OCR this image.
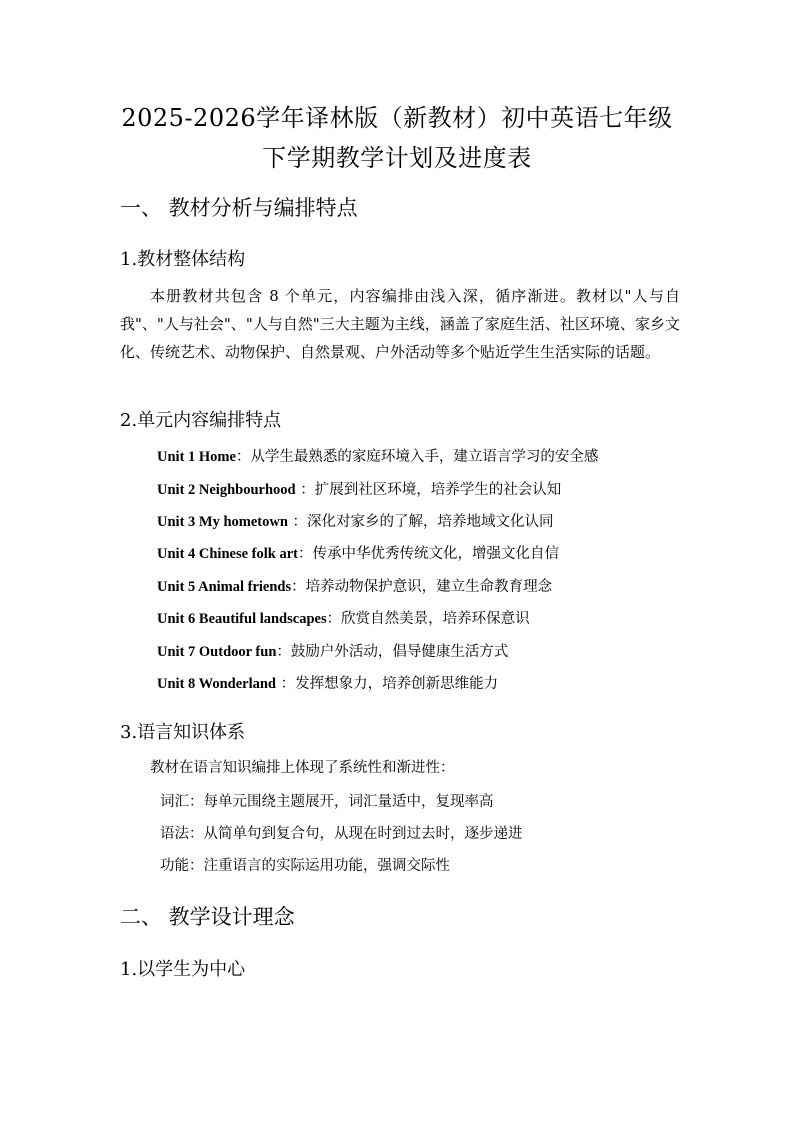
2025-2026学年译林版（新教材）初中英语七年级
下学期教学计划及进度表
一、 教材分析与编排特点
1.教材整体结构

本册教材共包含 8 个单元，内容编排由浅入深，循序渐进。教材以"人与自我"、"人与社会"、"人与自然"三大主题为主线，涵盖了家庭生活、社区环境、家乡文化、传统艺术、动物保护、自然景观、户外活动等多个贴近学生生活实际的话题。

2.单元内容编排特点
Unit 1 Home：从学生最熟悉的家庭环境入手，建立语言学习的安全感
Unit 2 Neighbourhood ：扩展到社区环境，培养学生的社会认知
Unit 3 My hometown ：深化对家乡的了解，培养地域文化认同
Unit 4 Chinese folk art：传承中华优秀传统文化，增强文化自信
Unit 5 Animal friends：培养动物保护意识，建立生命教育理念
Unit 6 Beautiful landscapes：欣赏自然美景，培养环保意识
Unit 7 Outdoor fun：鼓励户外活动，倡导健康生活方式
Unit 8 Wonderland ：发挥想象力，培养创新思维能力
3.语言知识体系
教材在语言知识编排上体现了系统性和渐进性：
词汇：每单元围绕主题展开，词汇量适中，复现率高
语法：从简单句到复合句，从现在时到过去时，逐步递进
功能：注重语言的实际运用功能，强调交际性
二、 教学设计理念
1.以学生为中心
